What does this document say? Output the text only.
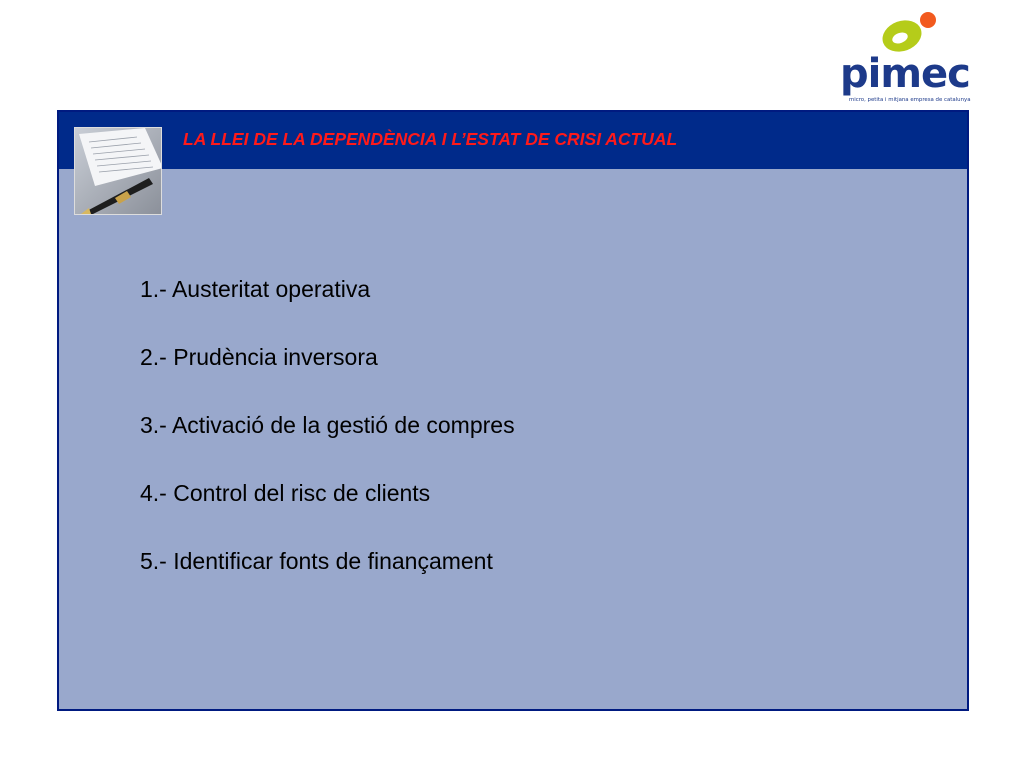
pimec
micro, petita i mitjana empresa de catalunya
LA LLEI DE LA DEPENDÈNCIA I L’ESTAT DE CRISI ACTUAL
1.- Austeritat operativa
2.- Prudència inversora
3.- Activació de la gestió de compres
4.- Control del risc de clients
5.- Identificar fonts de finançament
